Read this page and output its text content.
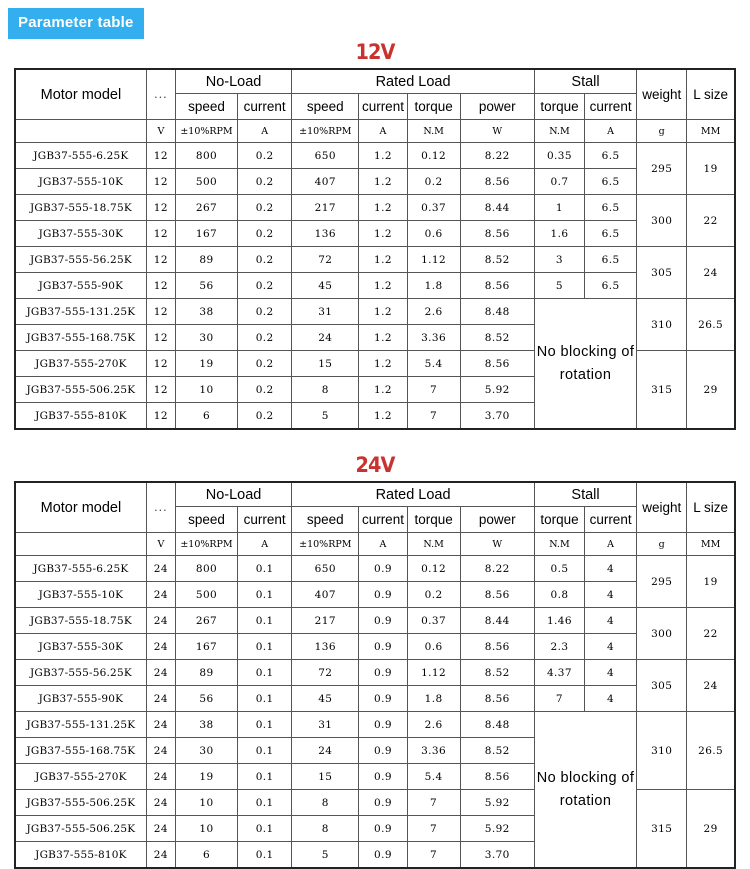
Parameter table
12V
Motor model	...	No-Load		Rated Load				Stall		weight	L size
		speed	current	speed	current	torque	power	torque	current		
	V	±10%RPM	A	±10%RPM	A	N.M	W	N.M	A	g	MM
JGB37-555-6.25K	12	800	0.2	650	1.2	0.12	8.22	0.35	6.5	295	19
JGB37-555-10K	12	500	0.2	407	1.2	0.2	8.56	0.7	6.5		
JGB37-555-18.75K	12	267	0.2	217	1.2	0.37	8.44	1	6.5	300	22
JGB37-555-30K	12	167	0.2	136	1.2	0.6	8.56	1.6	6.5		
JGB37-555-56.25K	12	89	0.2	72	1.2	1.12	8.52	3	6.5	305	24
JGB37-555-90K	12	56	0.2	45	1.2	1.8	8.56	5	6.5		
JGB37-555-131.25K	12	38	0.2	31	1.2	2.6	8.48	No blocking of rotation		310	26.5
JGB37-555-168.75K	12	30	0.2	24	1.2	3.36	8.52				
JGB37-555-270K	12	19	0.2	15	1.2	5.4	8.56			315	29
JGB37-555-506.25K	12	10	0.2	8	1.2	7	5.92				
JGB37-555-810K	12	6	0.2	5	1.2	7	3.70				
24V
Motor model	...	No-Load		Rated Load				Stall		weight	L size
		speed	current	speed	current	torque	power	torque	current		
	V	±10%RPM	A	±10%RPM	A	N.M	W	N.M	A	g	MM
JGB37-555-6.25K	24	800	0.1	650	0.9	0.12	8.22	0.5	4	295	19
JGB37-555-10K	24	500	0.1	407	0.9	0.2	8.56	0.8	4		
JGB37-555-18.75K	24	267	0.1	217	0.9	0.37	8.44	1.46	4	300	22
JGB37-555-30K	24	167	0.1	136	0.9	0.6	8.56	2.3	4		
JGB37-555-56.25K	24	89	0.1	72	0.9	1.12	8.52	4.37	4	305	24
JGB37-555-90K	24	56	0.1	45	0.9	1.8	8.56	7	4		
JGB37-555-131.25K	24	38	0.1	31	0.9	2.6	8.48	No blocking of rotation		310	26.5
JGB37-555-168.75K	24	30	0.1	24	0.9	3.36	8.52				
JGB37-555-270K	24	19	0.1	15	0.9	5.4	8.56				
JGB37-555-506.25K	24	10	0.1	8	0.9	7	5.92			315	29
JGB37-555-506.25K	24	10	0.1	8	0.9	7	5.92				
JGB37-555-810K	24	6	0.1	5	0.9	7	3.70				
